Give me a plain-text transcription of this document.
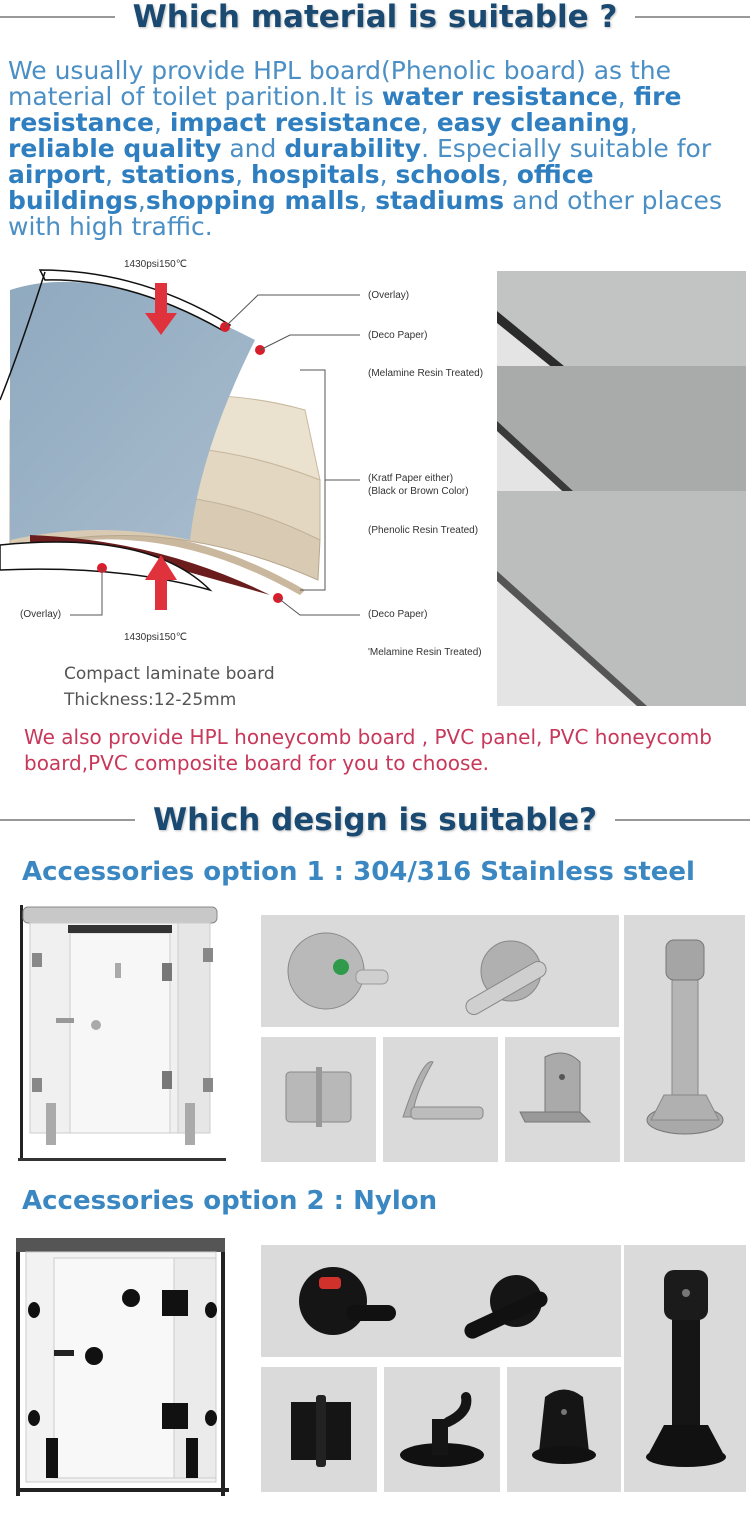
Which material is suitable ?
We usually provide HPL board(Phenolic board) as the material of toilet parition.It is water resistance, fire resistance, impact resistance, easy cleaning, reliable quality and durability. Especially suitable for airport, stations, hospitals, schools, office buildings,shopping malls, stadiums and other places with high traffic.
1430psi150℃
(Overlay)
(Deco Paper)
(Melamine Resin Treated)
(Kratf Paper either)
(Black or Brown Color)
(Phenolic Resin Treated)
(Overlay)	(Deco Paper)
1430psi150℃
'Melamine Resin Treated)
Compact laminate board
Thickness:12-25mm
We also provide HPL honeycomb board , PVC panel, PVC honeycomb board,PVC composite board for you to choose.
Which design is suitable?
Accessories option 1 : 304/316 Stainless steel
Accessories option 2 : Nylon
